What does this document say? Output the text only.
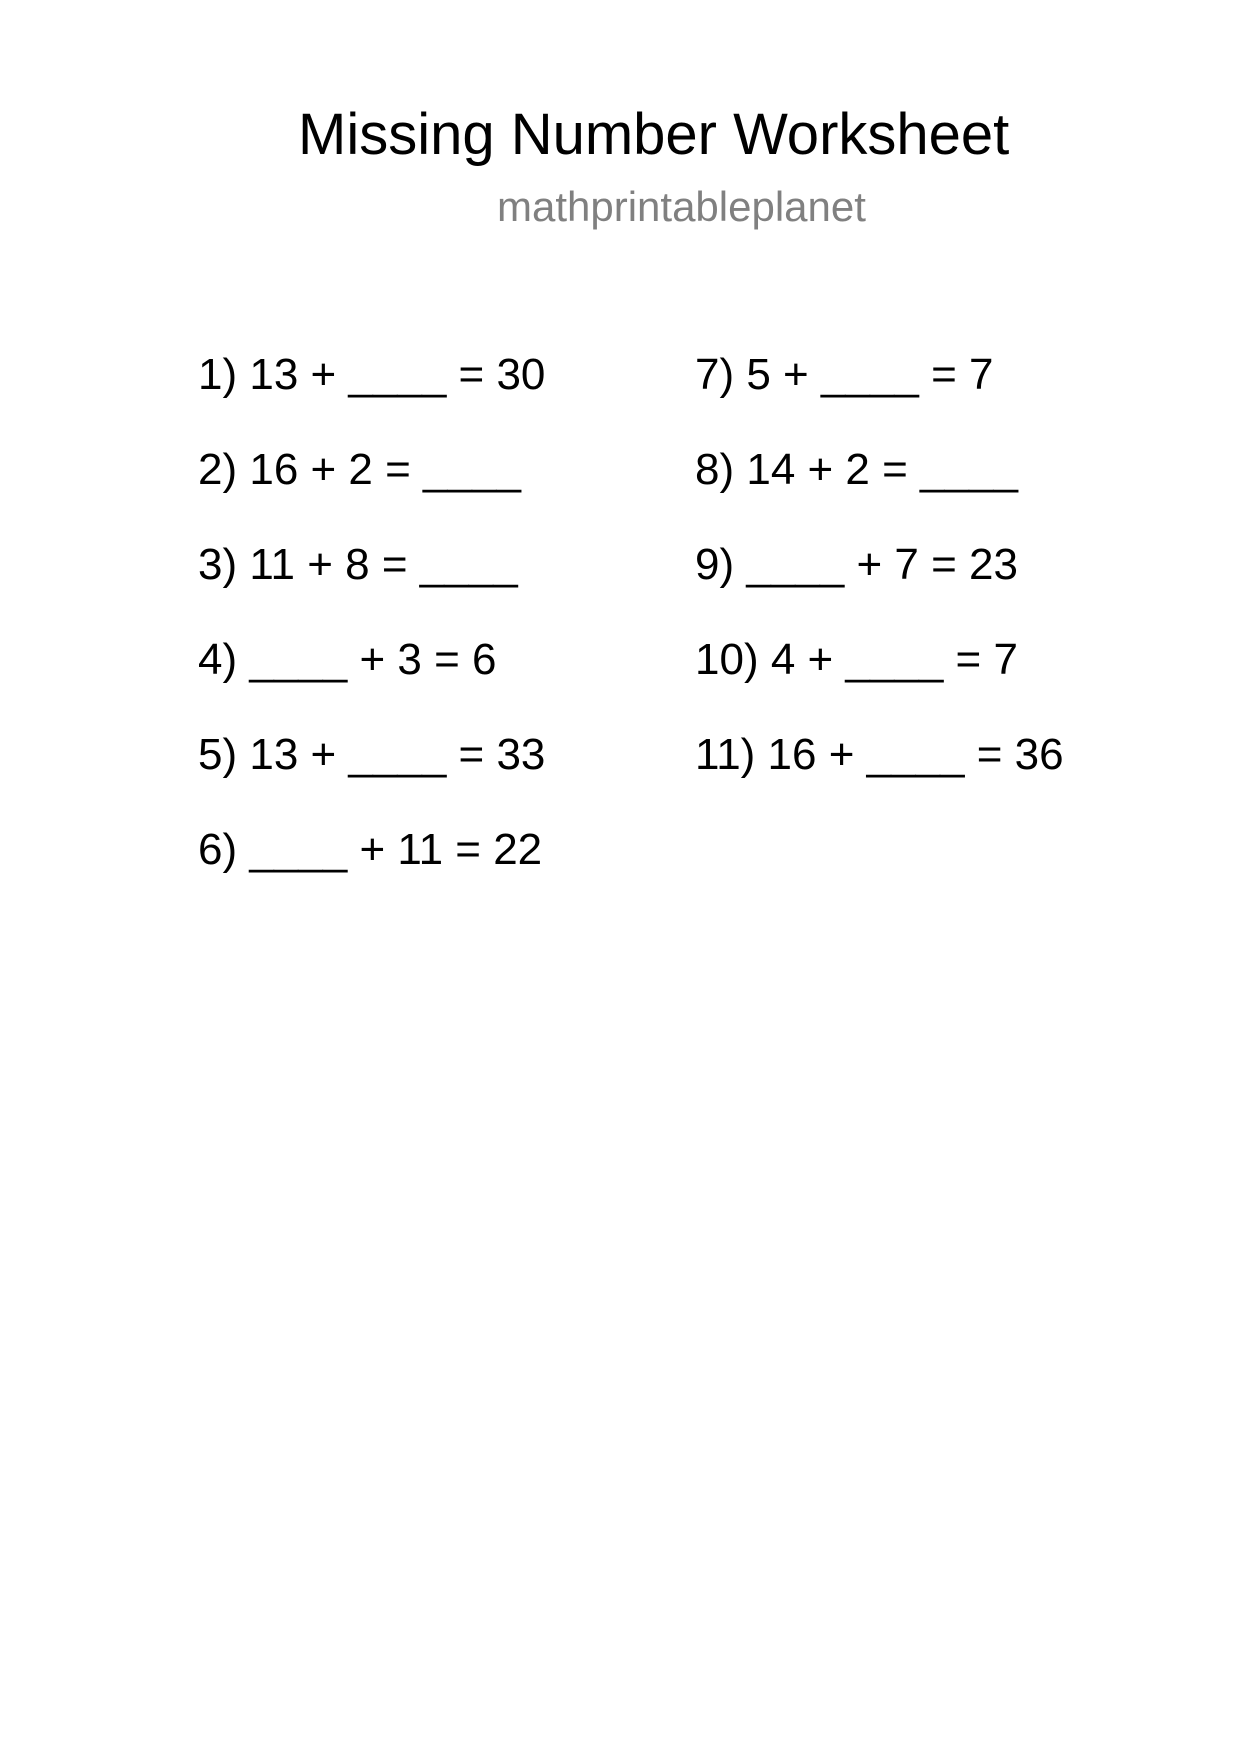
Missing Number Worksheet
mathprintableplanet
1) 13 + ____ = 30
2) 16 + 2 = ____
3) 11 + 8 = ____
4) ____ + 3 = 6
5) 13 + ____ = 33
6) ____ + 11 = 22
7) 5 + ____ = 7
8) 14 + 2 = ____
9) ____ + 7 = 23
10) 4 + ____ = 7
11) 16 + ____ = 36
